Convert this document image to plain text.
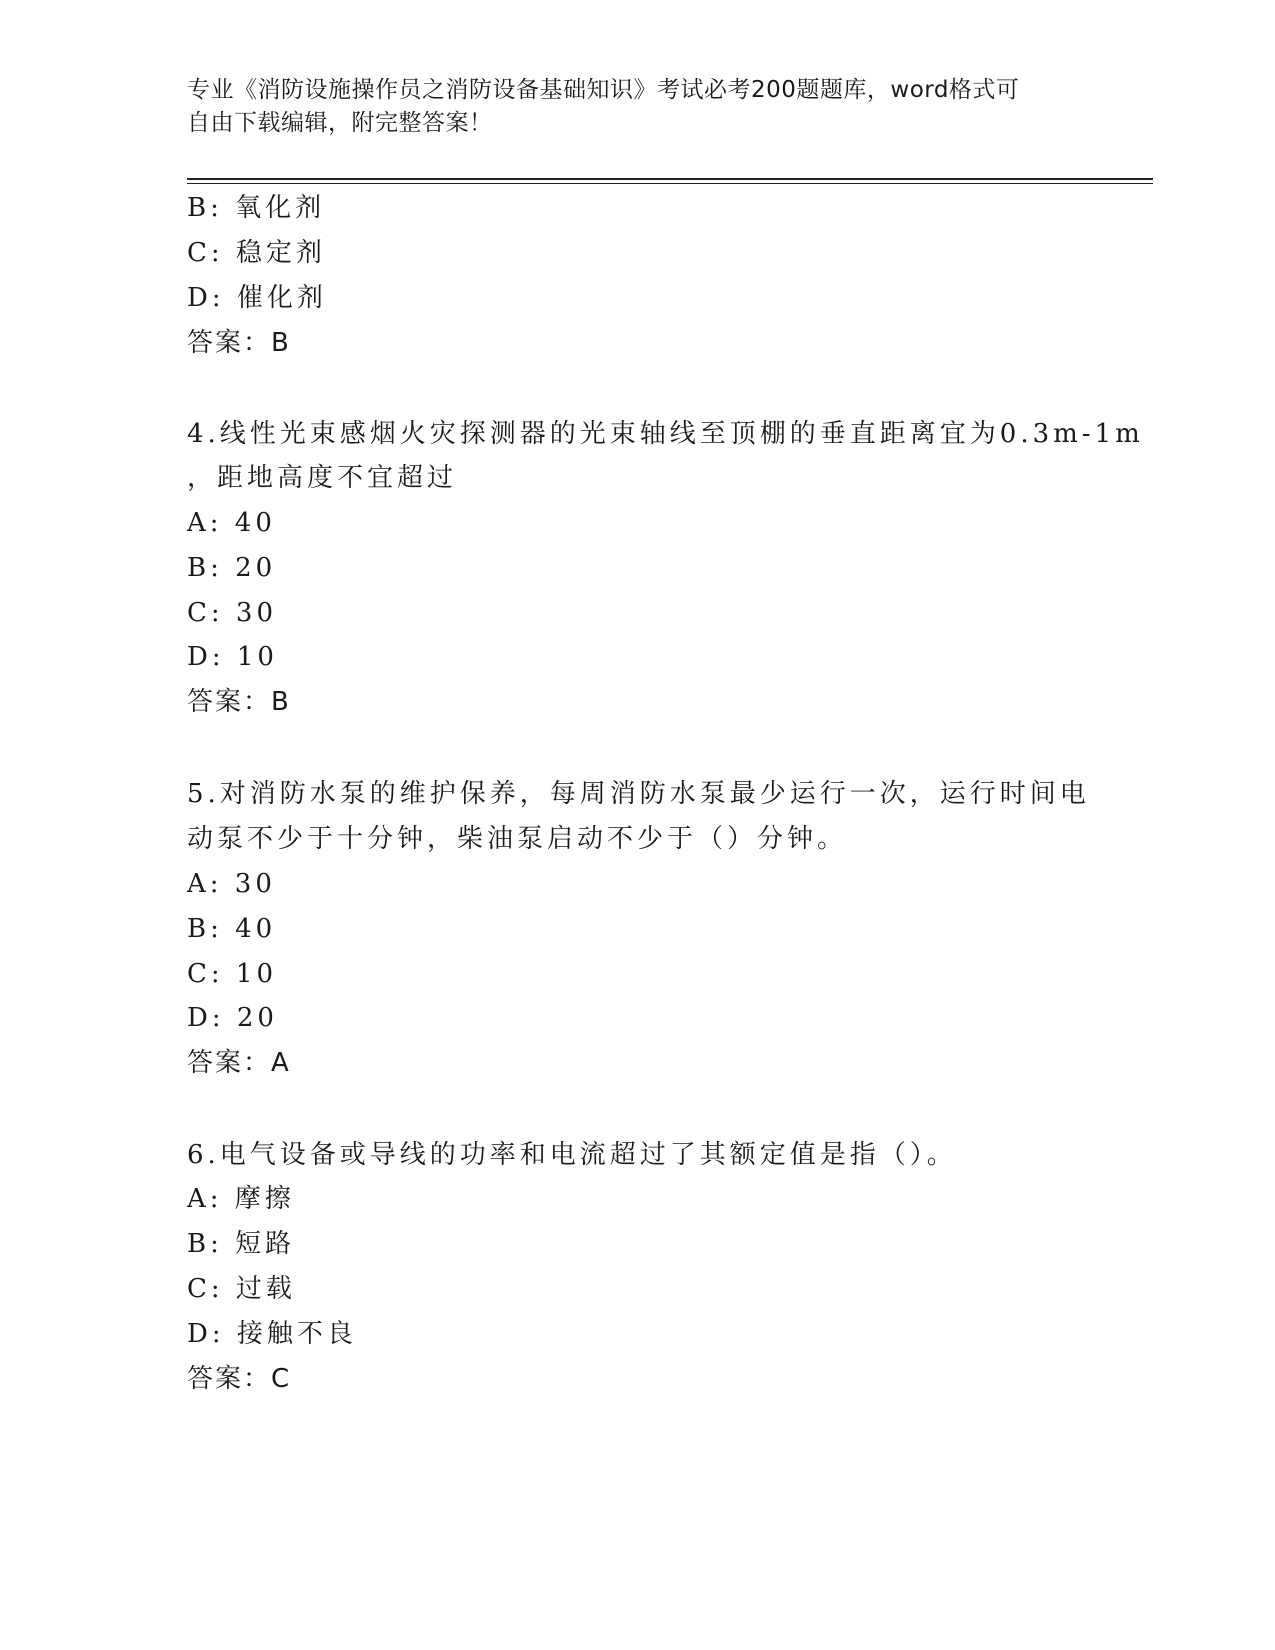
专业《消防设施操作员之消防设备基础知识》考试必考200题题库，word格式可
自由下载编辑，附完整答案！
B: 氧化剂
C: 稳定剂
D: 催化剂
答案：B
4.线性光束感烟火灾探测器的光束轴线至顶棚的垂直距离宜为0.3m-1m
，距地高度不宜超过
A: 40
B: 20
C: 30
D: 10
答案：B
5.对消防水泵的维护保养，每周消防水泵最少运行一次，运行时间电
动泵不少于十分钟，柴油泵启动不少于（）分钟。
A: 30
B: 40
C: 10
D: 20
答案：A
6.电气设备或导线的功率和电流超过了其额定值是指（）。
A: 摩擦
B: 短路
C: 过载
D: 接触不良
答案：C
